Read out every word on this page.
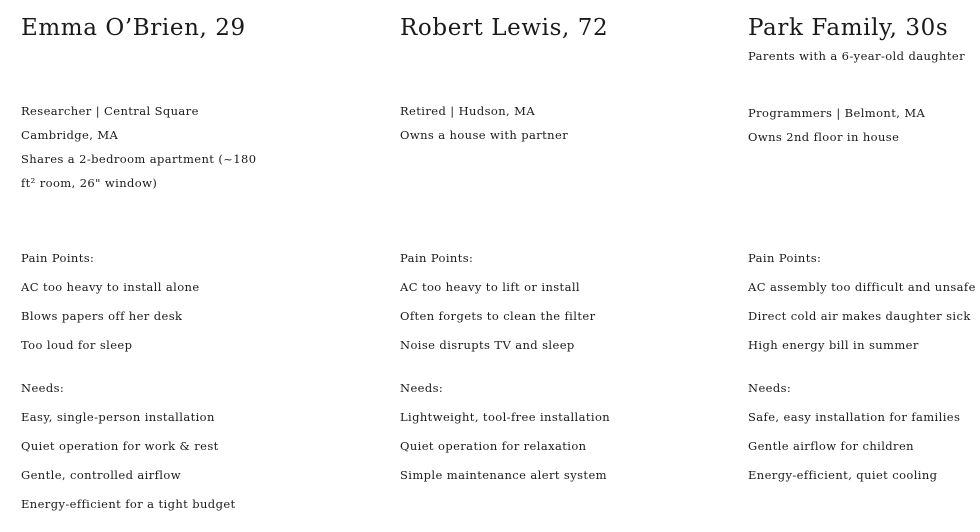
Emma O’Brien, 29
Researcher | Central Square
Cambridge, MA
Shares a 2-bedroom apartment (~180
ft² room, 26" window)
Pain Points:
AC too heavy to install alone
Blows papers off her desk
Too loud for sleep
Needs:
Easy, single-person installation
Quiet operation for work & rest
Gentle, controlled airflow
Energy-efficient for a tight budget
Robert Lewis, 72
Retired | Hudson, MA
Owns a house with partner
Pain Points:
AC too heavy to lift or install
Often forgets to clean the filter
Noise disrupts TV and sleep
Needs:
Lightweight, tool-free installation
Quiet operation for relaxation
Simple maintenance alert system
Park Family, 30s
Parents with a 6-year-old daughter
Programmers | Belmont, MA
Owns 2nd floor in house
Pain Points:
AC assembly too difficult and unsafe
Direct cold air makes daughter sick
High energy bill in summer
Needs:
Safe, easy installation for families
Gentle airflow for children
Energy-efficient, quiet cooling
